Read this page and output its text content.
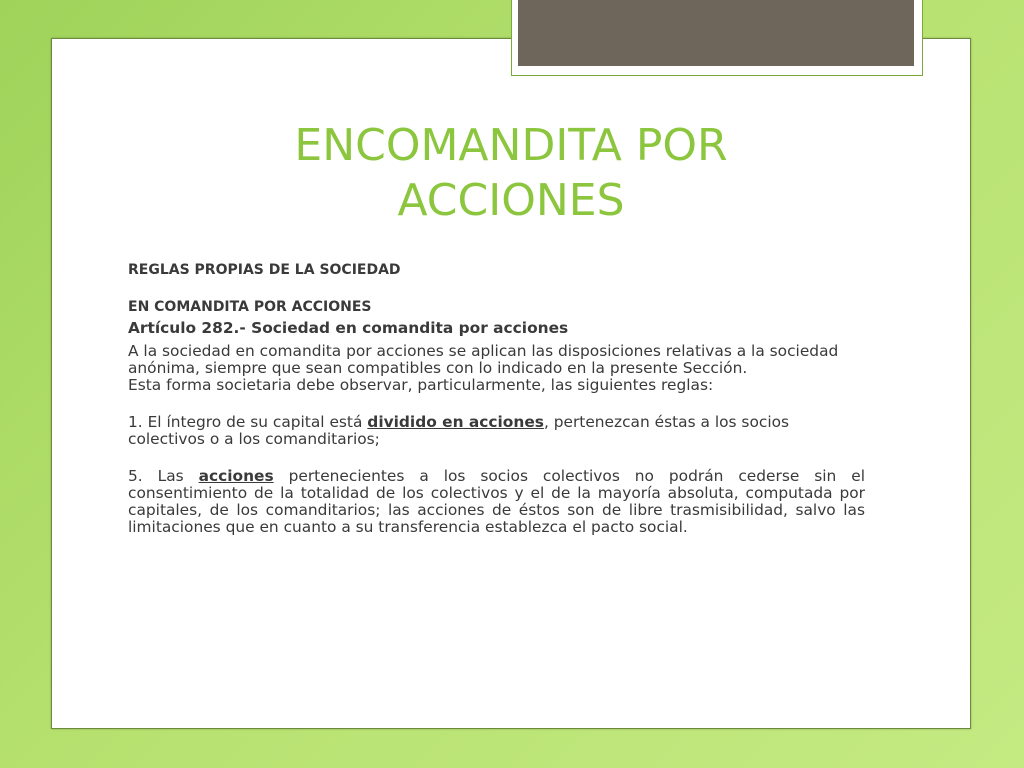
ENCOMANDITA POR
ACCIONES

REGLAS PROPIAS DE LA SOCIEDAD

EN COMANDITA POR ACCIONES

Artículo 282.- Sociedad en comandita por acciones

A la sociedad en comandita por acciones se aplican las disposiciones relativas a la sociedad anónima, siempre que sean compatibles con lo indicado en la presente Sección.

Esta forma societaria debe observar, particularmente, las siguientes reglas:

1. El íntegro de su capital está dividido en acciones, pertenezcan éstas a los socios colectivos o a los comanditarios;

5. Las acciones pertenecientes a los socios colectivos no podrán cederse sin el consentimiento de la totalidad de los colectivos y el de la mayoría absoluta, computada por capitales, de los comanditarios; las acciones de éstos son de libre trasmisibilidad, salvo las limitaciones que en cuanto a su transferencia establezca el pacto social.
